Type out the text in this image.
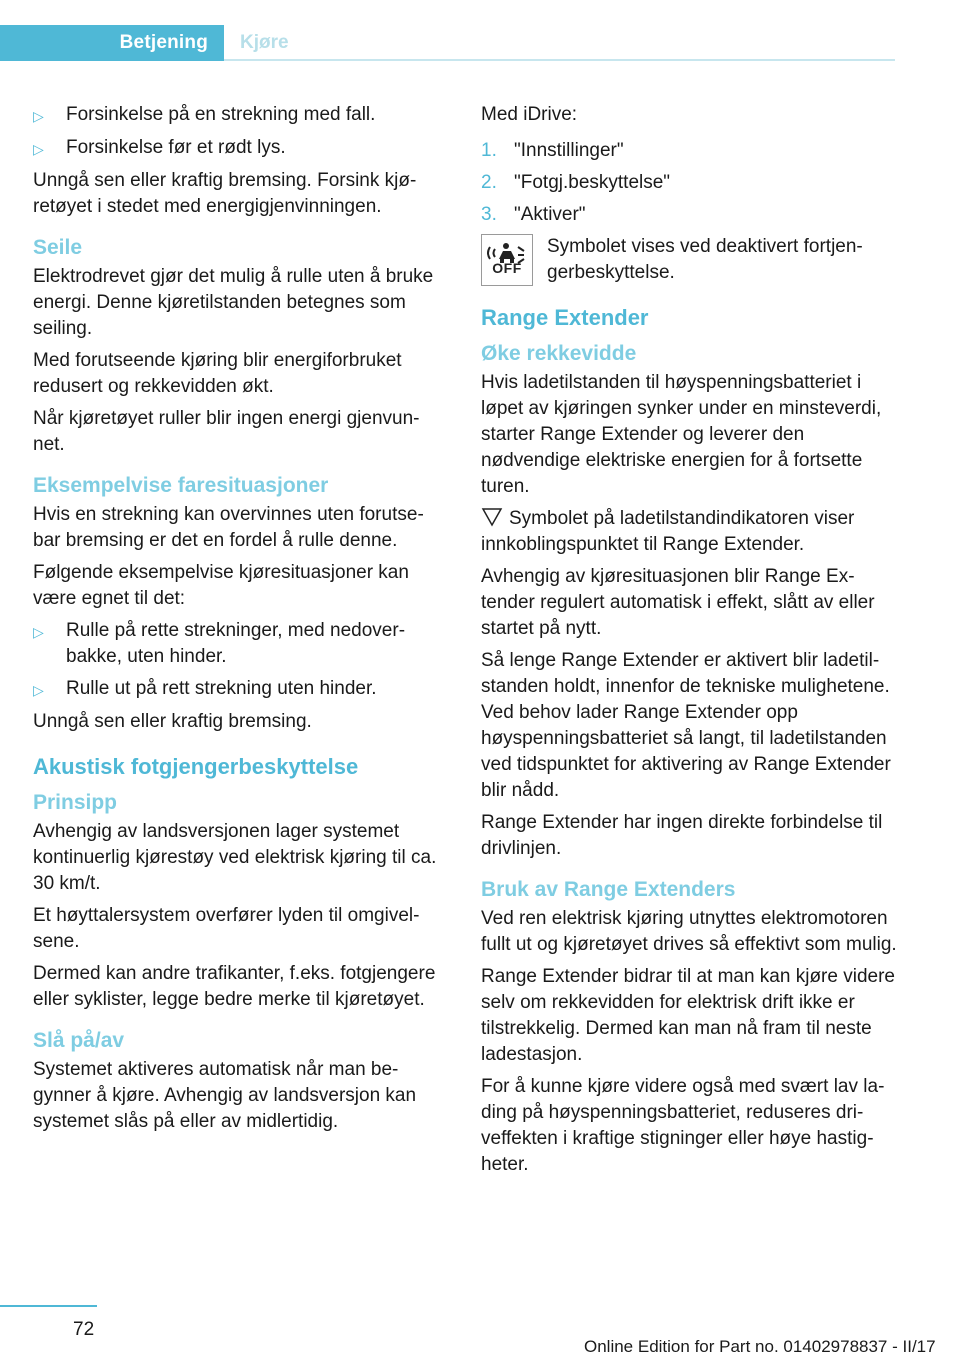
Betjening Kjøre
▷	Forsinkelse på en strekning med fall.
▷	Forsinkelse før et rødt lys.

Unngå sen eller kraftig bremsing. Forsink kjøretøyet i stedet med energigjenvinningen.

Seile

Elektrodrevet gjør det mulig å rulle uten å bruke energi. Denne kjøretilstanden betegnes som seiling.

Med forutseende kjøring blir energiforbruket redusert og rekkevidden økt.

Når kjøretøyet ruller blir ingen energi gjenvunnet.

Eksempelvise faresituasjoner

Hvis en strekning kan overvinnes uten forutsebar bremsing er det en fordel å rulle denne.

Følgende eksempelvise kjøresituasjoner kan være egnet til det:

▷	Rulle på rette strekninger, med nedoverbakke, uten hinder.
▷	Rulle ut på rett strekning uten hinder.

Unngå sen eller kraftig bremsing.

Akustisk fotgjengerbeskyttelse
Prinsipp

Avhengig av landsversjonen lager systemet kontinuerlig kjørestøy ved elektrisk kjøring til ca. 30 km/t.

Et høyttalersystem overfører lyden til omgivelsene.

Dermed kan andre trafikanter, f.eks. fotgjengere eller syklister, legge bedre merke til kjøretøyet.

Slå på/av

Systemet aktiveres automatisk når man begynner å kjøre. Avhengig av landsversjon kan systemet slås på eller av midlertidig.

Med iDrive:

1. "Innstillinger"
2. "Fotgj.beskyttelse"
3. "Aktiver"
OFF
Symbolet vises ved deaktivert fortjengerbeskyttelse.
Range Extender
Øke rekkevidde

Hvis ladetilstanden til høyspenningsbatteriet i løpet av kjøringen synker under en minsteverdi, starter Range Extender og leverer den nødvendige elektriske energien for å fortsette turen.

Symbolet på ladetilstandindikatoren viser innkoblingspunktet til Range Extender.

Avhengig av kjøresituasjonen blir Range Extender regulert automatisk i effekt, slått av eller startet på nytt.

Så lenge Range Extender er aktivert blir ladetilstanden holdt, innenfor de tekniske mulighetene. Ved behov lader Range Extender opp høyspenningsbatteriet så langt, til ladetilstanden ved tidspunktet for aktivering av Range Extender blir nådd.

Range Extender har ingen direkte forbindelse til drivlinjen.

Bruk av Range Extenders

Ved ren elektrisk kjøring utnyttes elektromotoren fullt ut og kjøretøyet drives så effektivt som mulig.

Range Extender bidrar til at man kan kjøre videre selv om rekkevidden for elektrisk drift ikke er tilstrekkelig. Dermed kan man nå fram til neste ladestasjon.

For å kunne kjøre videre også med svært lav lading på høyspenningsbatteriet, reduseres driveffekten i kraftige stigninger eller høye hastigheter.

72
Online Edition for Part no. 01402978837 - II/17
